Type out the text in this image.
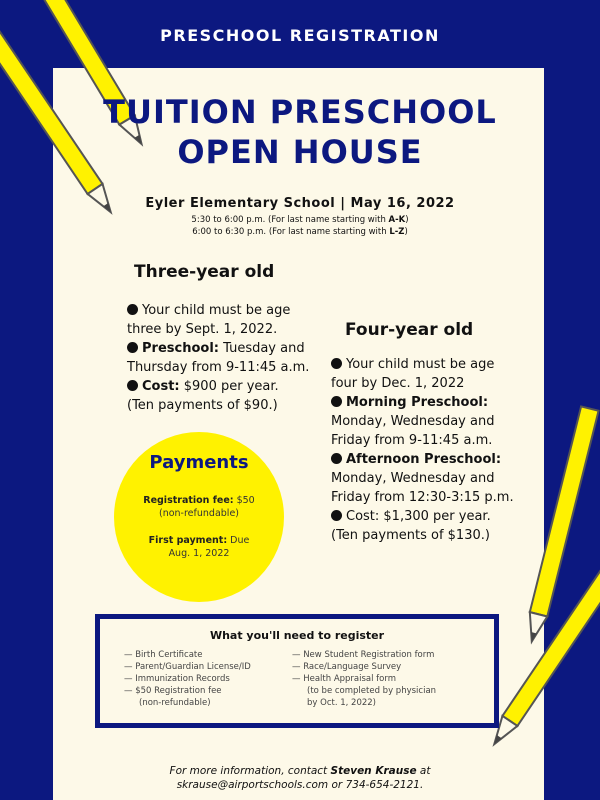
PRESCHOOL REGISTRATION
TUITION PRESCHOOL
OPEN HOUSE
Eyler Elementary School | May 16, 2022
5:30 to 6:00 p.m. (For last name starting with A-K)
6:00 to 6:30 p.m. (For last name starting with L-Z)
Three-year old
Your child must be age
three by Sept. 1, 2022.
Preschool: Tuesday and
Thursday from 9-11:45 a.m.
Cost: $900 per year.
(Ten payments of $90.)
Four-year old
Your child must be age
four by Dec. 1, 2022
Morning Preschool:
Monday, Wednesday and
Friday from 9-11:45 a.m.
Afternoon Preschool:
Monday, Wednesday and
Friday from 12:30-3:15 p.m.
Cost: $1,300 per year.
(Ten payments of $130.)
Payments
Registration fee: $50
(non-refundable)
First payment: Due
Aug. 1, 2022
What you'll need to register
— Birth Certificate
— Parent/Guardian License/ID
— Immunization Records
— $50 Registration fee
(non-refundable)
— New Student Registration form
— Race/Language Survey
— Health Appraisal form
(to be completed by physician
by Oct. 1, 2022)
For more information, contact Steven Krause at
skrause@airportschools.com or 734-654-2121.
